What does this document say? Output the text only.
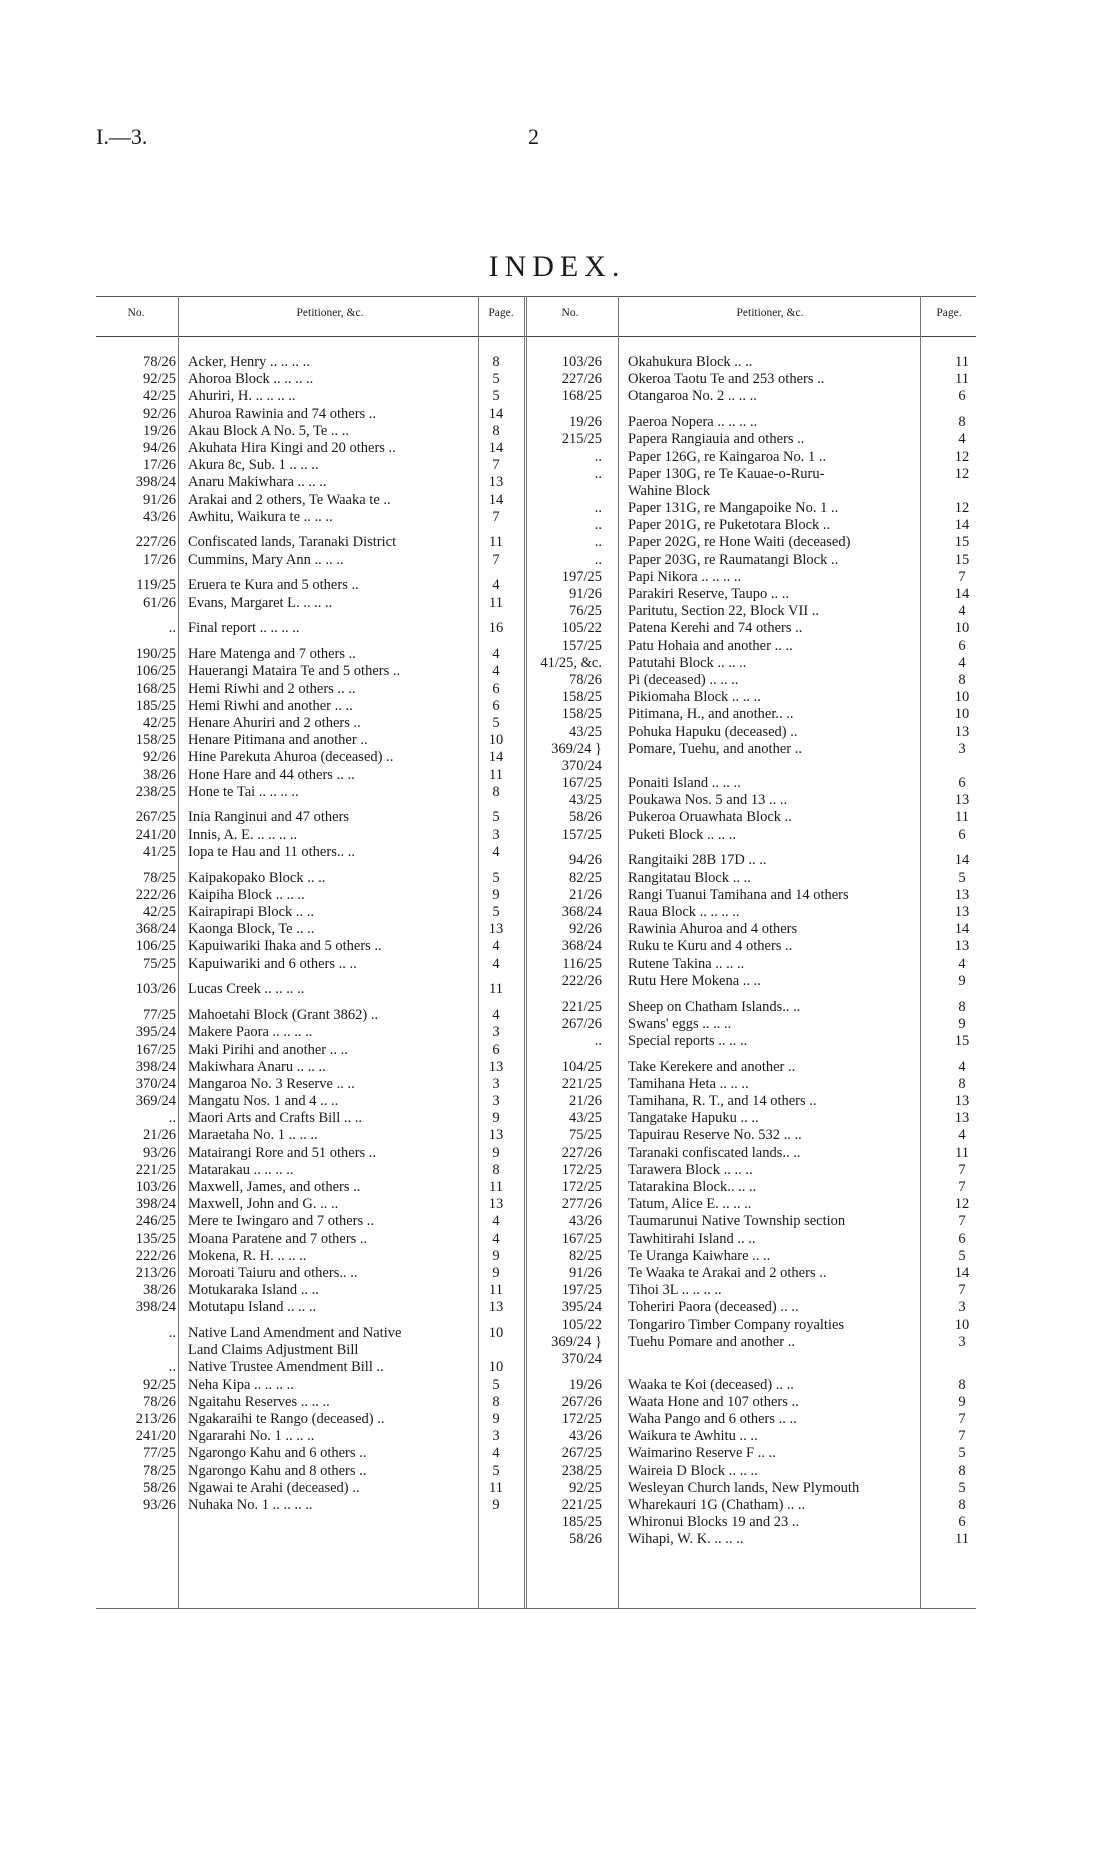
I.—3.	2
INDEX.
No.	Petitioner, &c.	Page.	No.	Petitioner, &c.	Page.
78/26 Acker, Henry .. .. .. ..	8
92/25 Ahoroa Block .. .. .. ..	5
42/25 Ahuriri, H. .. .. .. ..	5
92/26 Ahuroa Rawinia and 74 others ..	14
19/26 Akau Block A No. 5, Te .. ..	8
94/26 Akuhata Hira Kingi and 20 others ..	14
17/26 Akura 8c, Sub. 1 .. .. ..	7
398/24 Anaru Makiwhara .. .. ..	13
91/26 Arakai and 2 others, Te Waaka te ..	14
43/26 Awhitu, Waikura te .. .. ..	7
227/26 Confiscated lands, Taranaki District	11
17/26 Cummins, Mary Ann .. .. ..	7
119/25 Eruera te Kura and 5 others ..	4
61/26 Evans, Margaret L. .. .. ..	11
.. Final report .. .. .. ..	16
190/25 Hare Matenga and 7 others ..	4
106/25 Hauerangi Mataira Te and 5 others ..	4
168/25 Hemi Riwhi and 2 others .. ..	6
185/25 Hemi Riwhi and another .. ..	6
42/25 Henare Ahuriri and 2 others ..	5
158/25 Henare Pitimana and another ..	10
92/26 Hine Parekuta Ahuroa (deceased) ..	14
38/26 Hone Hare and 44 others .. ..	11
238/25 Hone te Tai .. .. .. ..	8
267/25 Inia Ranginui and 47 others	5
241/20 Innis, A. E. .. .. .. ..	3
41/25 Iopa te Hau and 11 others.. ..	4
78/25 Kaipakopako Block .. ..	5
222/26 Kaipiha Block .. .. ..	9
42/25 Kairapirapi Block .. ..	5
368/24 Kaonga Block, Te .. ..	13
106/25 Kapuiwariki Ihaka and 5 others ..	4
75/25 Kapuiwariki and 6 others .. ..	4
103/26 Lucas Creek .. .. .. ..	11
77/25 Mahoetahi Block (Grant 3862) ..	4
395/24 Makere Paora .. .. .. ..	3
167/25 Maki Pirihi and another .. ..	6
398/24 Makiwhara Anaru .. .. ..	13
370/24 Mangaroa No. 3 Reserve .. ..	3
369/24 Mangatu Nos. 1 and 4 .. ..	3
.. Maori Arts and Crafts Bill .. ..	9
21/26 Maraetaha No. 1 .. .. ..	13
93/26 Matairangi Rore and 51 others ..	9
221/25 Matarakau .. .. .. ..	8
103/26 Maxwell, James, and others ..	11
398/24 Maxwell, John and G. .. ..	13
246/25 Mere te Iwingaro and 7 others ..	4
135/25 Moana Paratene and 7 others ..	4
222/26 Mokena, R. H. .. .. ..	9
213/26 Moroati Taiuru and others.. ..	9
38/26 Motukaraka Island .. ..	11
398/24 Motutapu Island .. .. ..	13
.. Native Land Amendment and Native	10
Land Claims Adjustment Bill
.. Native Trustee Amendment Bill ..	10
92/25 Neha Kipa .. .. .. ..	5
78/26 Ngaitahu Reserves .. .. ..	8
213/26 Ngakaraihi te Rango (deceased) ..	9
241/20 Ngararahi No. 1 .. .. ..	3
77/25 Ngarongo Kahu and 6 others ..	4
78/25 Ngarongo Kahu and 8 others ..	5
58/26 Ngawai te Arahi (deceased) ..	11
93/26 Nuhaka No. 1 .. .. .. ..	9
103/26 Okahukura Block .. ..	11
227/26 Okeroa Taotu Te and 253 others ..	11
168/25 Otangaroa No. 2 .. .. ..	6
19/26 Paeroa Nopera .. .. .. ..	8
215/25 Papera Rangiauia and others ..	4
.. Paper 126G, re Kaingaroa No. 1 ..	12
.. Paper 130G, re Te Kauae-o-Ruru-	12
Wahine Block
.. Paper 131G, re Mangapoike No. 1 ..	12
.. Paper 201G, re Puketotara Block ..	14
.. Paper 202G, re Hone Waiti (deceased)	15
.. Paper 203G, re Raumatangi Block ..	15
197/25 Papi Nikora .. .. .. ..	7
91/26 Parakiri Reserve, Taupo .. ..	14
76/25 Paritutu, Section 22, Block VII ..	4
105/22 Patena Kerehi and 74 others ..	10
157/25 Patu Hohaia and another .. ..	6
41/25, &c. Patutahi Block .. .. ..	4
78/26 Pi (deceased) .. .. ..	8
158/25 Pikiomaha Block .. .. ..	10
158/25 Pitimana, H., and another.. ..	10
43/25 Pohuka Hapuku (deceased) ..	13
369/24 } Pomare, Tuehu, and another ..	3
370/24
167/25 Ponaiti Island .. .. ..	6
43/25 Poukawa Nos. 5 and 13 .. ..	13
58/26 Pukeroa Oruawhata Block ..	11
157/25 Puketi Block .. .. ..	6
94/26 Rangitaiki 28B 17D .. ..	14
82/25 Rangitatau Block .. ..	5
21/26 Rangi Tuanui Tamihana and 14 others	13
368/24 Raua Block .. .. .. ..	13
92/26 Rawinia Ahuroa and 4 others	14
368/24 Ruku te Kuru and 4 others ..	13
116/25 Rutene Takina .. .. ..	4
222/26 Rutu Here Mokena .. ..	9
221/25 Sheep on Chatham Islands.. ..	8
267/26 Swans' eggs .. .. ..	9
.. Special reports .. .. ..	15
104/25 Take Kerekere and another ..	4
221/25 Tamihana Heta .. .. ..	8
21/26 Tamihana, R. T., and 14 others ..	13
43/25 Tangatake Hapuku .. ..	13
75/25 Tapuirau Reserve No. 532 .. ..	4
227/26 Taranaki confiscated lands.. ..	11
172/25 Tarawera Block .. .. ..	7
172/25 Tatarakina Block.. .. ..	7
277/26 Tatum, Alice E. .. .. ..	12
43/26 Taumarunui Native Township section	7
167/25 Tawhitirahi Island .. ..	6
82/25 Te Uranga Kaiwhare .. ..	5
91/26 Te Waaka te Arakai and 2 others ..	14
197/25 Tihoi 3L .. .. .. ..	7
395/24 Toheriri Paora (deceased) .. ..	3
105/22 Tongariro Timber Company royalties	10
369/24 } Tuehu Pomare and another ..	3
370/24
19/26 Waaka te Koi (deceased) .. ..	8
267/26 Waata Hone and 107 others ..	9
172/25 Waha Pango and 6 others .. ..	7
43/26 Waikura te Awhitu .. ..	7
267/25 Waimarino Reserve F .. ..	5
238/25 Waireia D Block .. .. ..	8
92/25 Wesleyan Church lands, New Plymouth	5
221/25 Wharekauri 1G (Chatham) .. ..	8
185/25 Whironui Blocks 19 and 23 ..	6
58/26 Wihapi, W. K. .. .. ..	11
